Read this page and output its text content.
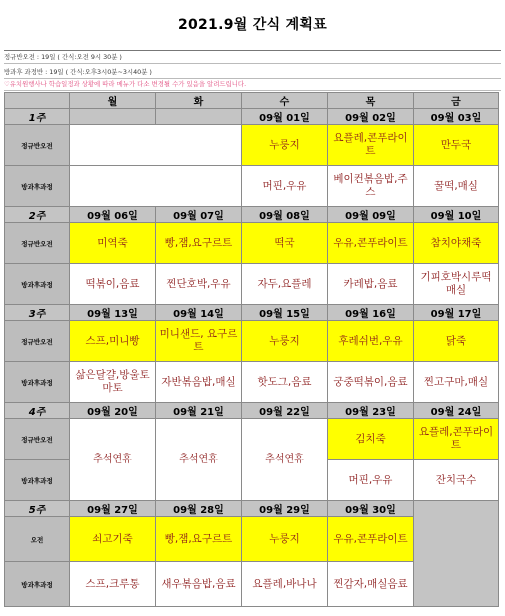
2021.9월 간식 계획표
정규반오전 : 19일 ( 간식:오전 9시 30분 )
방과후 과정반 : 19일 ( 간식:오후3시0분~3시40분 )
♡유치원행사나 학습일정과 상황에 따라 메뉴가 다소 변경될 수가 있음을 알려드립니다.
	월	화	수	목	금
1주			09월 01일	09월 02일	09월 03일
정규반오전			누룽지	요플레,콘푸라이트	만두국
방과후과정			머핀,우유	베이컨볶음밥,주스	꿀떡,매실
2주	09월 06일	09월 07일	09월 08일	09월 09일	09월 10일
정규반오전	미역죽	빵,잼,요구르트	떡국	우유,콘푸라이트	참치야채죽
방과후과정	떡볶이,음료	찐단호박,우유	자두,요플레	카레밥,음료	기피호박시루떡 매실
3주	09월 13일	09월 14일	09월 15일	09월 16일	09월 17일
정규반오전	스프,미니빵	미니샌드, 요구르트	누룽지	후레쉬번,우유	닭죽
방과후과정	삶은달걀,방울토마토	자반볶음밥,매실	핫도그,음료	궁중떡볶이,음료	찐고구마,매실
4주	09월 20일	09월 21일	09월 22일	09월 23일	09월 24일
정규반오전	추석연휴	추석연휴	추석연휴	김치죽	요플레,콘푸라이트
방과후과정				머핀,우유	잔치국수
5주	09월 27일	09월 28일	09월 29일	09월 30일	
오전	쇠고기죽	빵,잼,요구르트	누룽지	우유,콘푸라이트	
방과후과정	스프,크루통	새우볶음밥,음료	요플레,바나나	찐감자,매실음료	
